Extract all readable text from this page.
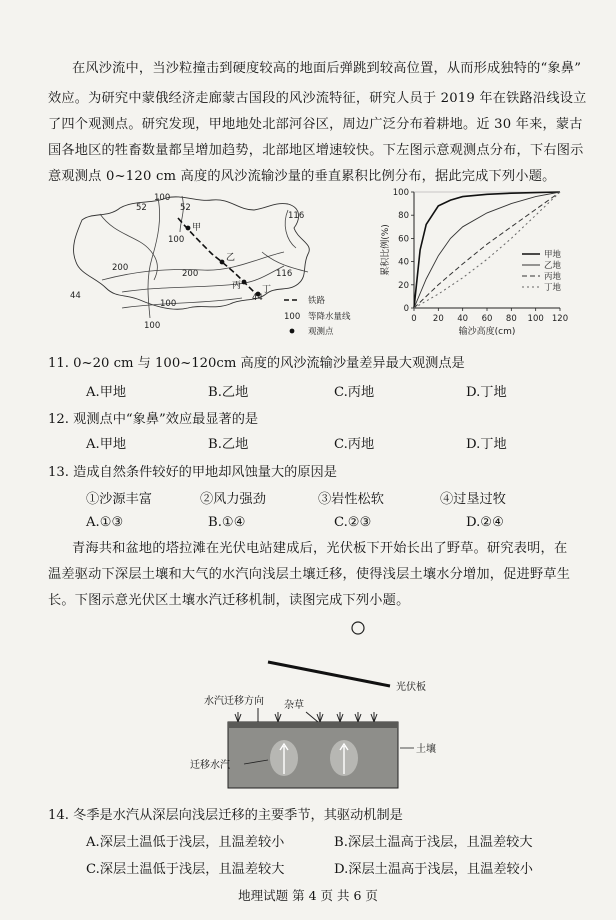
在风沙流中，当沙粒撞击到硬度较高的地面后弹跳到较高位置，从而形成独特的“象鼻”
效应。为研究中蒙俄经济走廊蒙古国段的风沙流特征，研究人员于 2019 年在铁路沿线设立
了四个观测点。研究发现，甲地地处北部河谷区，周边广泛分布着耕地。近 30 年来，蒙古
国各地区的牲畜数量都呈增加趋势，北部地区增速较快。下左图示意观测点分布，下右图示
意观测点 0~120 cm 高度的风沙流输沙量的垂直累积比例分布，据此完成下列小题。
100
52	52
116
100
200
200
116
44	44
100
100
甲
乙
丙 丁
铁路
100 等降水量线
观测点
0 20 40 60 80 100 120
0
20
40
60
80
100
输沙高度(cm)
累积比例(%)	甲地
乙地
丙地
丁地
11. 0~20 cm 与 100~120cm 高度的风沙流输沙量差异最大观测点是
A.甲地	B.乙地	C.丙地	D.丁地
12. 观测点中“象鼻”效应最显著的是
A.甲地	B.乙地	C.丙地	D.丁地
13. 造成自然条件较好的甲地却风蚀量大的原因是
①沙源丰富	②风力强劲	③岩性松软	④过垦过牧
A.①③	B.①④	C.②③	D.②④
青海共和盆地的塔拉滩在光伏电站建成后，光伏板下开始长出了野草。研究表明，在
温差驱动下深层土壤和大气的水汽向浅层土壤迁移，使得浅层土壤水分增加，促进野草生
长。下图示意光伏区土壤水汽迁移机制，读图完成下列小题。
光伏板
水汽迁移方向 杂草
土壤
迁移水汽
14. 冬季是水汽从深层向浅层迁移的主要季节，其驱动机制是
A.深层土温低于浅层，且温差较小	B.深层土温高于浅层，且温差较大
C.深层土温低于浅层，且温差较大	D.深层土温高于浅层，且温差较小
地理试题 第 4 页 共 6 页
